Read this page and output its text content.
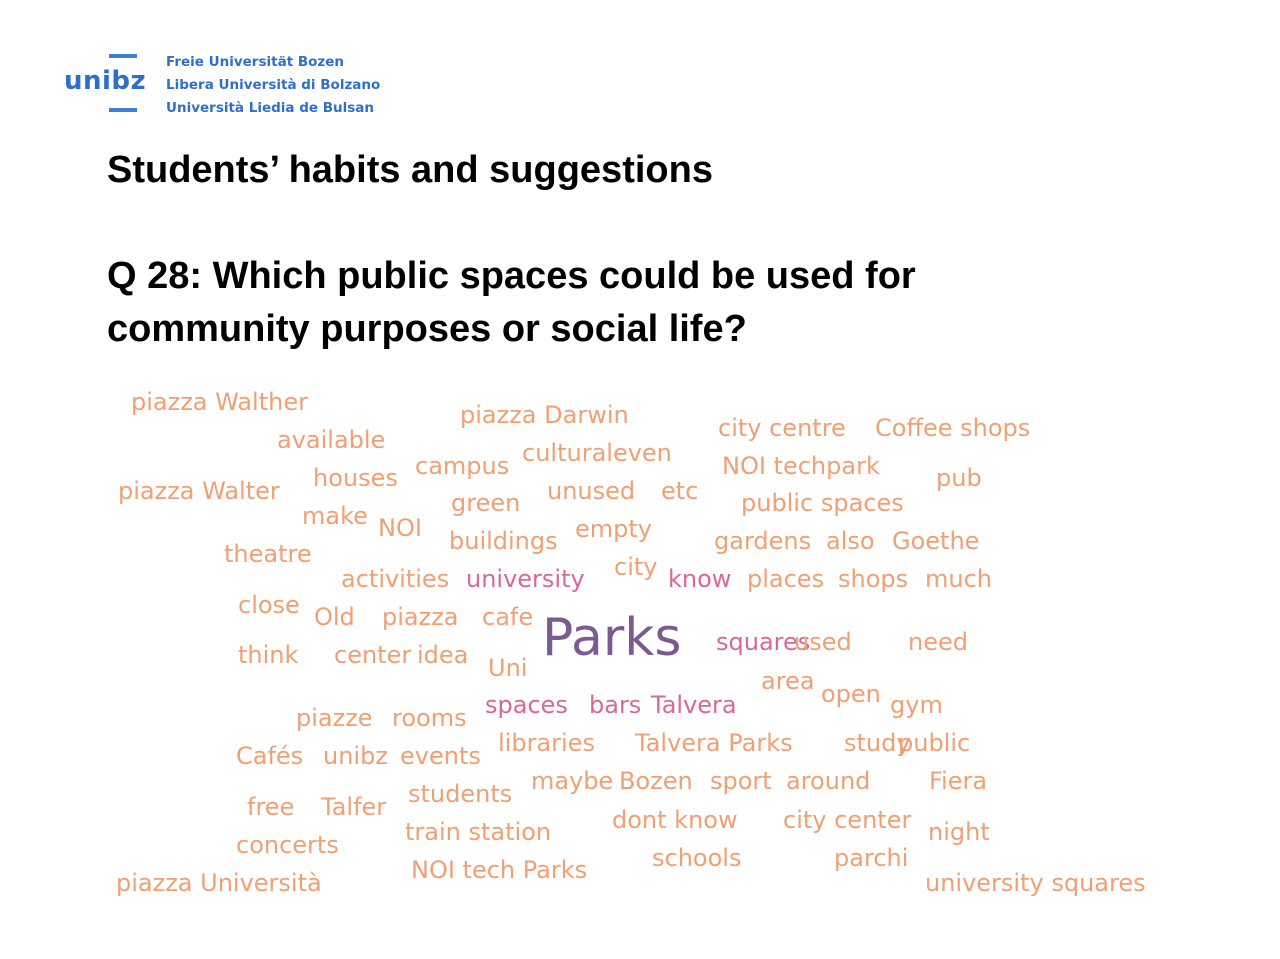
unibz
Freie Universität Bozen
Libera Università di Bolzano
Università Liedia de Bulsan
Students’ habits and suggestions
Q 28: Which public spaces could be used for
community purposes or social life?
piazza Walther	piazza Darwin	city centre Coffee shops
available	culturaleven
campus	NOI techpark
houses	pub
piazza Walter	unused etc
green	public spaces
make NOI	empty
buildings	gardens also Goethe
theatre	city
activities university	know places shops much
close Old piazza cafe Parks squares
used need
think center idea Uni	area open gym
piazze rooms spaces bars Talvera
Cafés unibz events libraries Talvera Parks study
public
students maybe Bozen sport around Fiera
free Talfer
train station	dont know city center night
concerts	schools	parchi
NOI tech Parks
piazza Università	university squares
